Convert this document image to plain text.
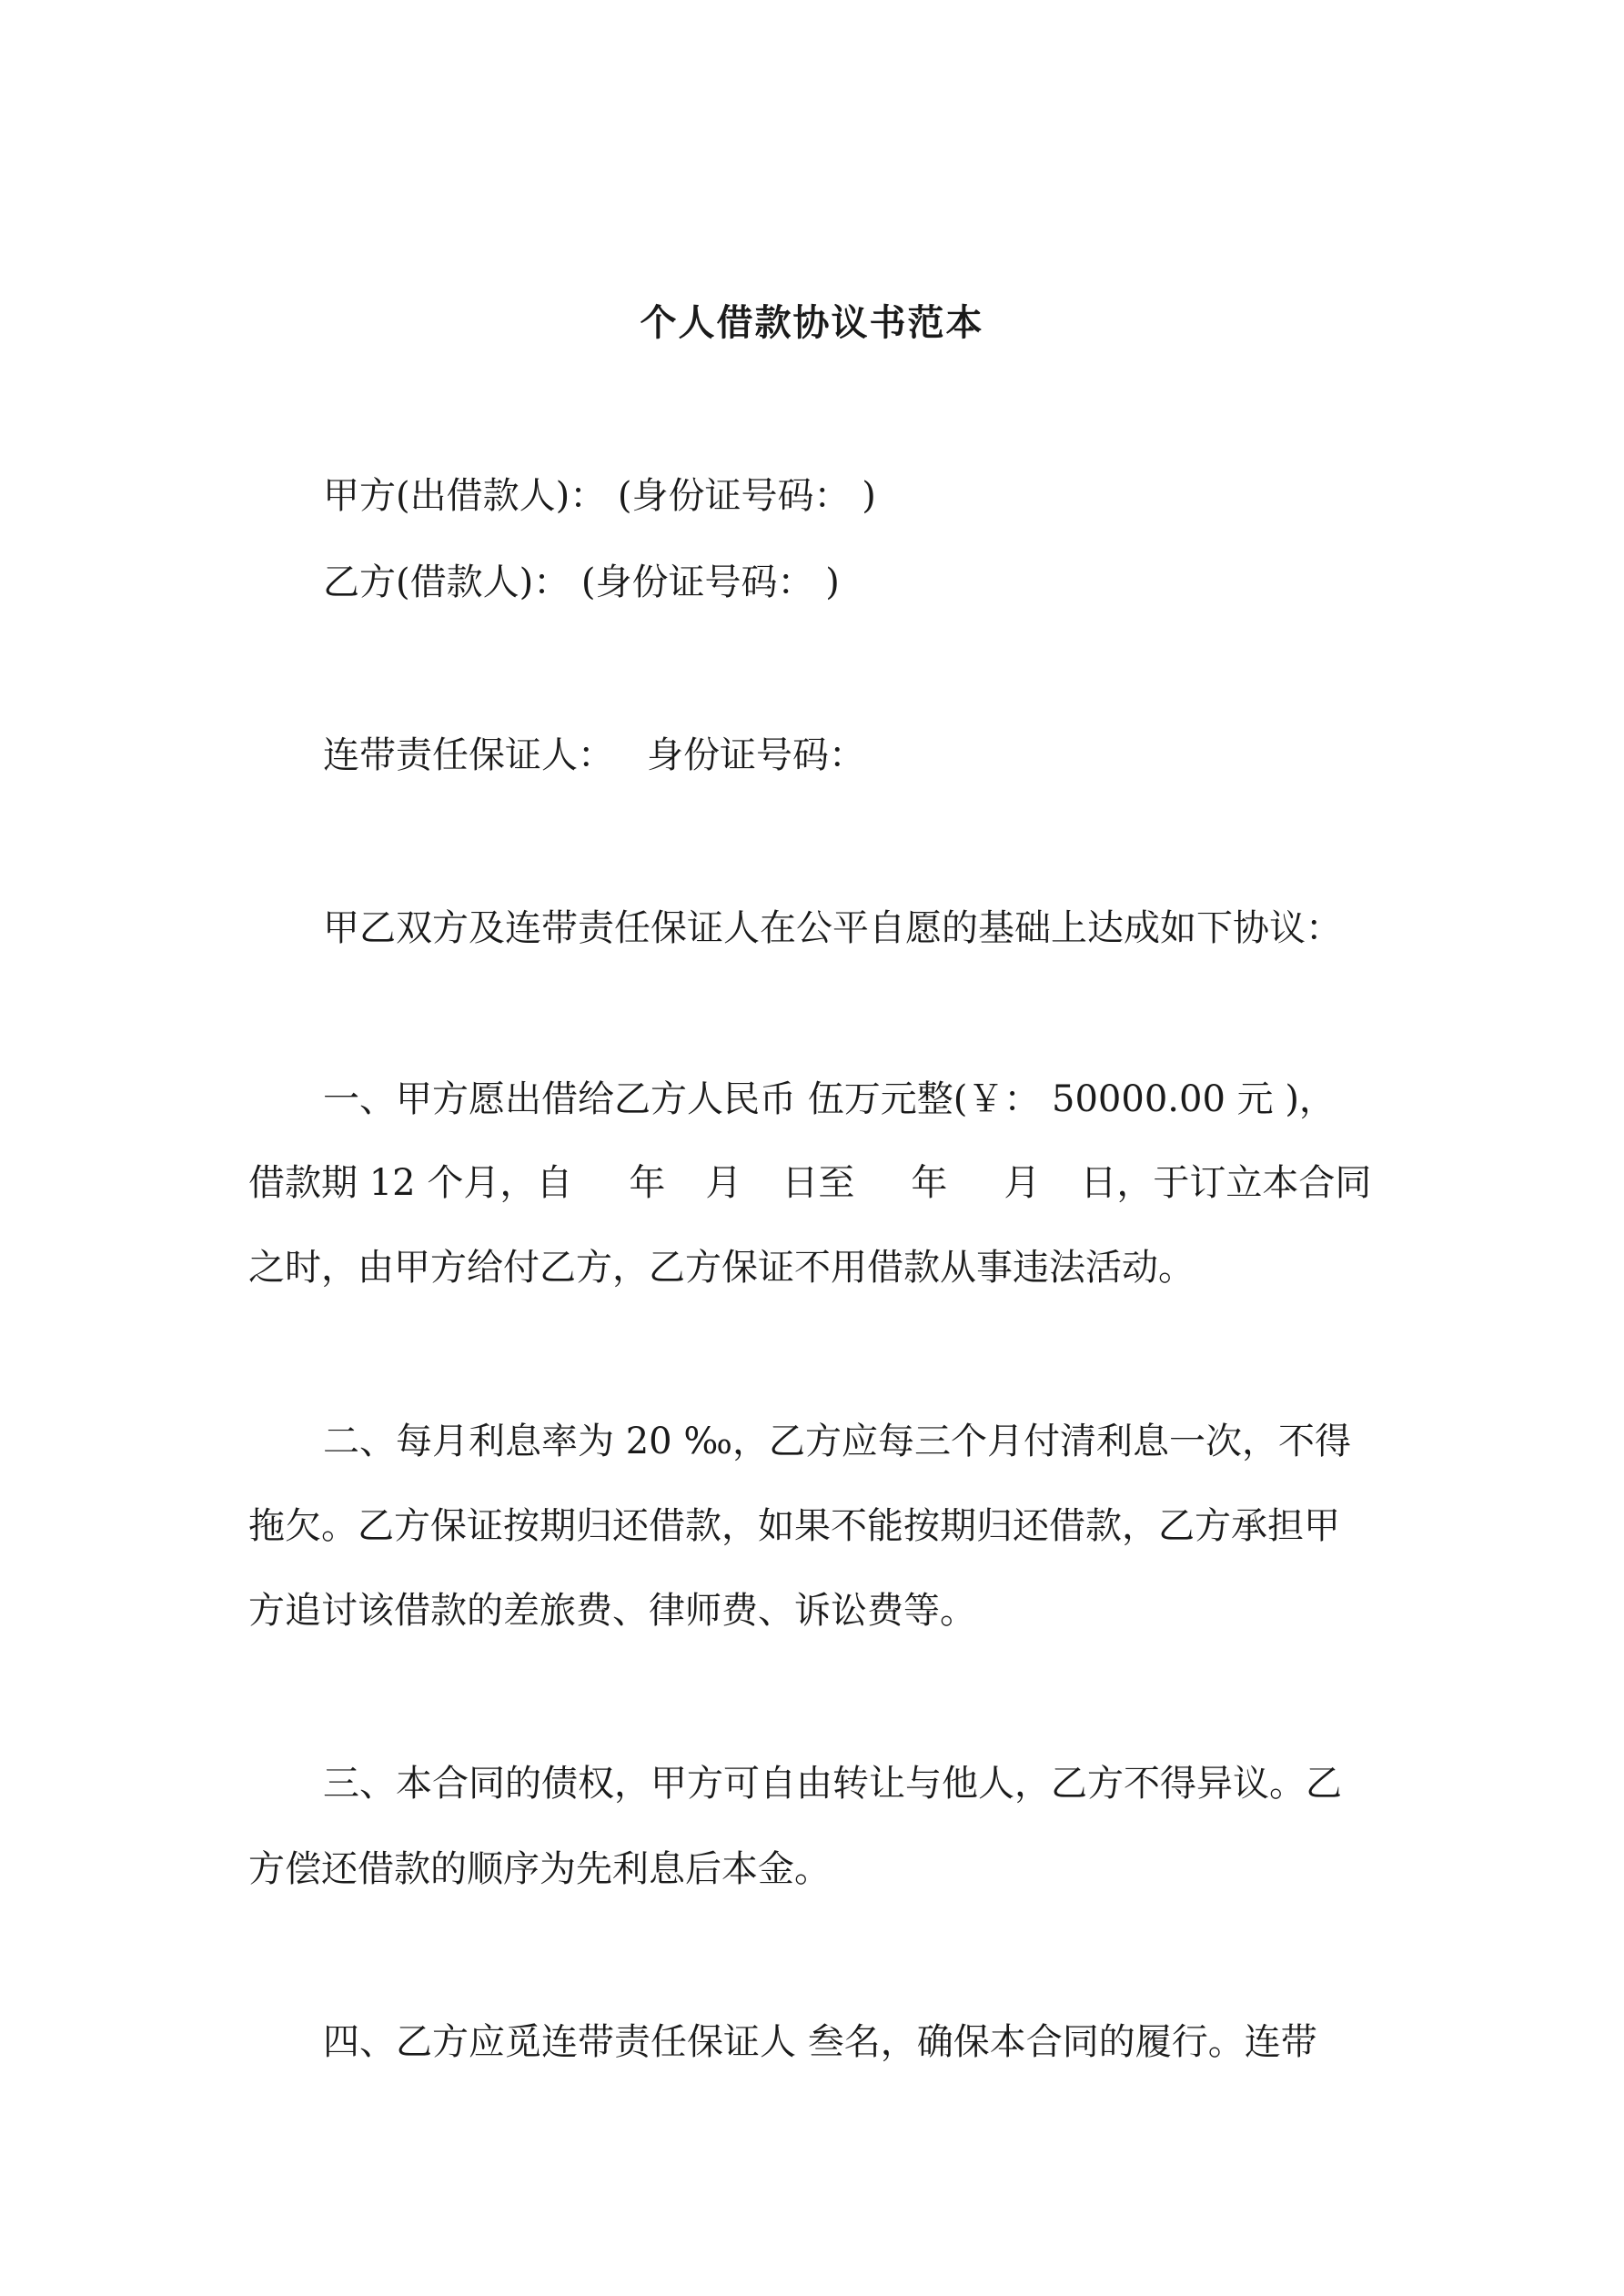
个人借款协议书范本
甲方(出借款人)： (身份证号码： )
乙方(借款人)： (身份证号码： )
连带责任保证人： 身份证号码：
甲乙双方及连带责任保证人在公平自愿的基础上达成如下协议：
一、甲方愿出借给乙方人民币 伍万元整(￥： 50000.00 元 )，
借款期 12 个月，自 年 月 日至 年 月 日，于订立本合同
之时，由甲方给付乙方，乙方保证不用借款从事违法活动。
二、每月利息率为 20 ‰，乙方应每三个月付清利息一次，不得
拖欠。乙方保证按期归还借款，如果不能按期归还借款，乙方承担甲
方追讨该借款的差旅费、律师费、诉讼费等。
三、本合同的债权，甲方可自由转让与他人，乙方不得异议。乙
方偿还借款的顺序为先利息后本金。
四、乙方应觅连带责任保证人 叁名，确保本合同的履行。连带
